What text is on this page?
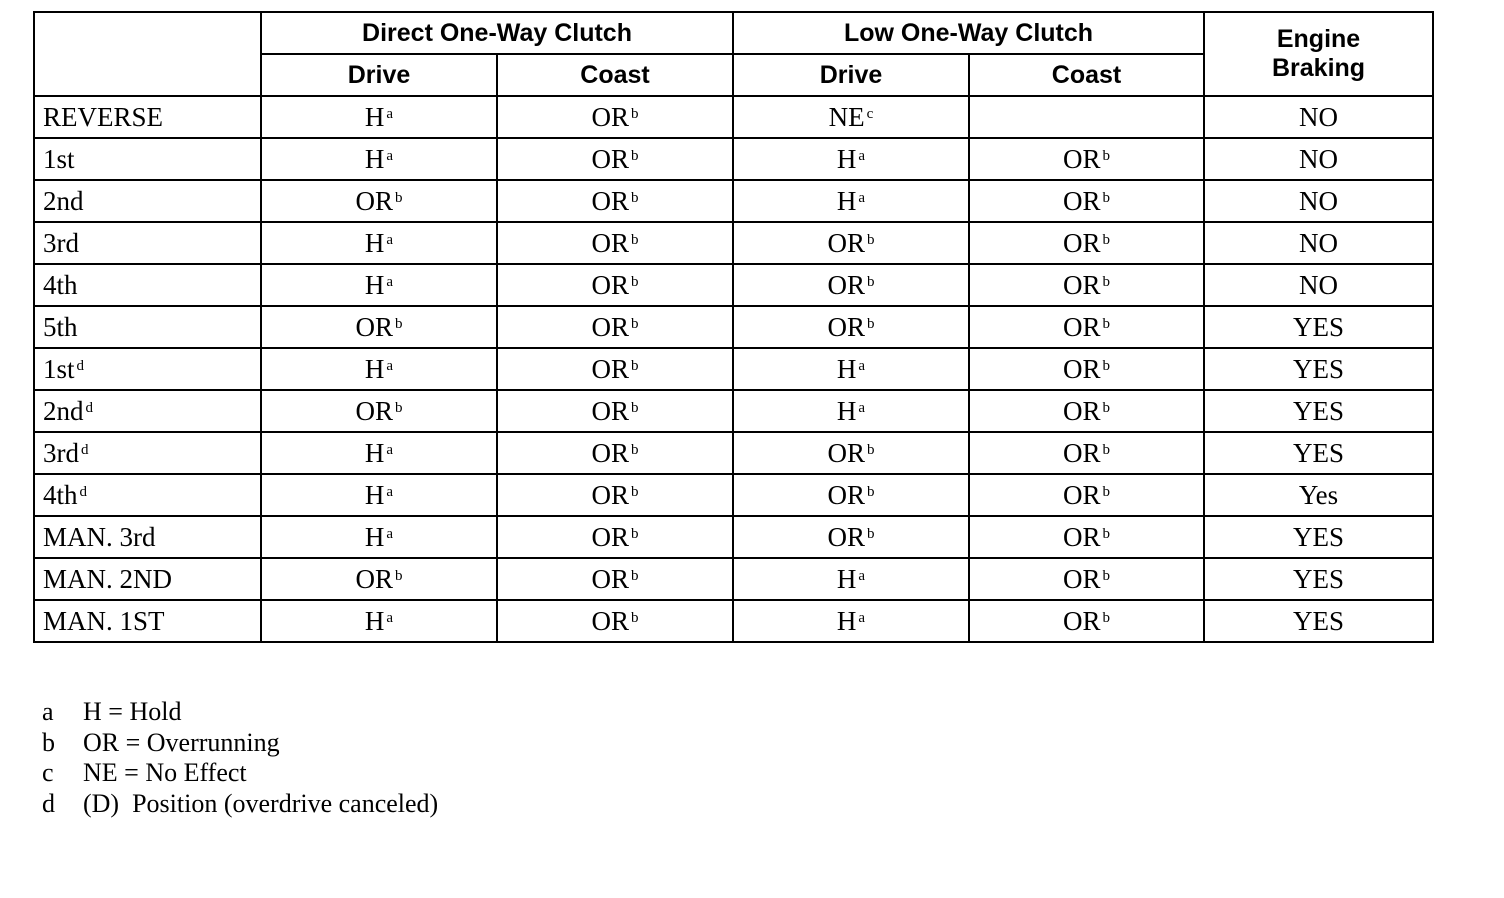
	Direct One-Way Clutch		Low One-Way Clutch		Engine
Braking
	Drive	Coast	Drive	Coast	
REVERSE	H $^a$	OR $^b$	NE $^c$		NO
1st	H $^a$	OR $^b$	H $^a$	OR $^b$	NO
2nd	OR $^b$	OR $^b$	H $^a$	OR $^b$	NO
3rd	H $^a$	OR $^b$	OR $^b$	OR $^b$	NO
4th	H $^a$	OR $^b$	OR $^b$	OR $^b$	NO
5th	OR $^b$	OR $^b$	OR $^b$	OR $^b$	YES
1st $^d$	H $^a$	OR $^b$	H $^a$	OR $^b$	YES
2nd $^d$	OR $^b$	OR $^b$	H $^a$	OR $^b$	YES
3rd $^d$	H $^a$	OR $^b$	OR $^b$	OR $^b$	YES
4th $^d$	H $^a$	OR $^b$	OR $^b$	OR $^b$	Yes
MAN. 3rd	H $^a$	OR $^b$	OR $^b$	OR $^b$	YES
MAN. 2ND	OR $^b$	OR $^b$	H $^a$	OR $^b$	YES
MAN. 1ST	H $^a$	OR $^b$	H $^a$	OR $^b$	YES
a H = Hold
b OR = Overrunning
c NE = No Effect
d (D)  Position (overdrive canceled)
